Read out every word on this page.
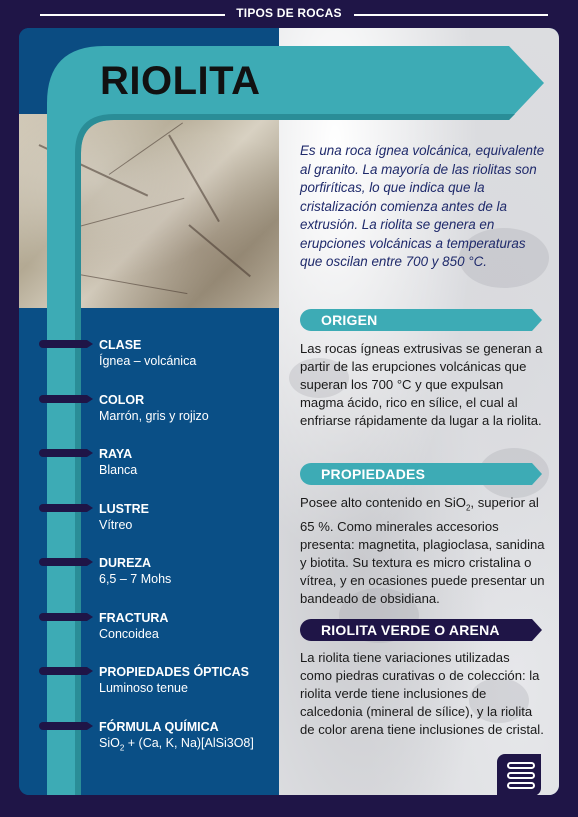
TIPOS DE ROCAS
RIOLITA
CLASE
Ígnea – volcánica
COLOR
Marrón, gris y rojizo
RAYA
Blanca
LUSTRE
Vítreo
DUREZA
6,5 – 7 Mohs
FRACTURA
Concoidea
PROPIEDADES ÓPTICAS
Luminoso tenue
FÓRMULA QUÍMICA
SiO$_2$ + (Ca, K, Na)[AlSi3O8]
Es una roca ígnea volcánica, equivalente al granito. La mayoría de las riolitas son porfiríticas, lo que indica que la cristalización comienza antes de la extrusión. La riolita se genera en erupciones volcánicas a temperaturas que oscilan entre 700 y 850 °C.
ORIGEN
Las rocas ígneas extrusivas se generan a partir de las erupciones volcánicas que superan los 700 °C y que expulsan magma ácido, rico en sílice, el cual al enfriarse rápidamente da lugar a la riolita.
PROPIEDADES
Posee alto contenido en SiO$_2$, superior al 65 %. Como minerales accesorios presenta: magnetita, plagioclasa, sanidina y biotita. Su textura es micro cristalina o vítrea, y en ocasiones puede presentar un bandeado de obsidiana.
RIOLITA VERDE O ARENA
La riolita tiene variaciones utilizadas como piedras curativas o de colección: la riolita verde tiene inclusiones de calcedonia (mineral de sílice), y la riolita de color arena tiene inclusiones de cristal.
